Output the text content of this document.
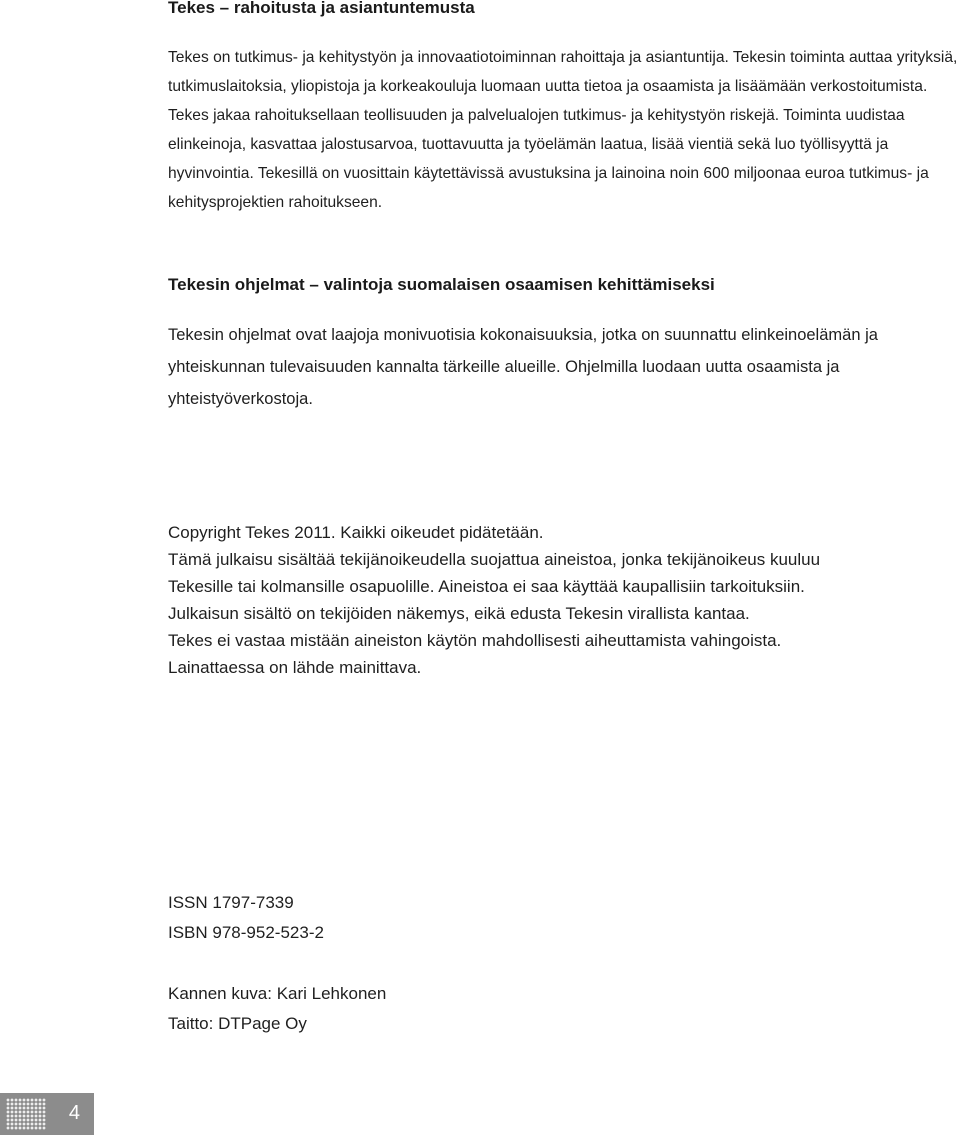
Tekes – rahoitusta ja asiantuntemusta

Tekes on tutkimus- ja kehitystyön ja innovaatiotoiminnan rahoittaja ja asiantuntija. Tekesin toiminta auttaa yrityksiä, tutkimuslaitoksia, yliopistoja ja korkeakouluja luomaan uutta tietoa ja osaamista ja lisäämään verkostoitumista. Tekes jakaa rahoituksellaan teollisuuden ja palvelualojen tutkimus- ja kehitystyön riskejä. Toiminta uudistaa elinkeinoja, kasvattaa jalostusarvoa, tuottavuutta ja työelämän laatua, lisää vientiä sekä luo työllisyyttä ja hyvinvointia. Tekesillä on vuosittain käytettävissä avustuksina ja lainoina noin 600 miljoonaa euroa tutkimus- ja kehitysprojektien rahoitukseen.

Tekesin ohjelmat – valintoja suomalaisen osaamisen kehittämiseksi

Tekesin ohjelmat ovat laajoja monivuotisia kokonaisuuksia, jotka on suunnattu elinkeinoelämän ja yhteiskunnan tulevaisuuden kannalta tärkeille alueille. Ohjelmilla luodaan uutta osaamista ja yhteistyöverkostoja.

Copyright Tekes 2011. Kaikki oikeudet pidätetään.

Tämä julkaisu sisältää tekijänoikeudella suojattua aineistoa, jonka tekijänoikeus kuuluu

Tekesille tai kolmansille osapuolille. Aineistoa ei saa käyttää kaupallisiin tarkoituksiin.

Julkaisun sisältö on tekijöiden näkemys, eikä edusta Tekesin virallista kantaa.

Tekes ei vastaa mistään aineiston käytön mahdollisesti aiheuttamista vahingoista.

Lainattaessa on lähde mainittava.

ISSN 1797-7339

ISBN 978-952-523-2

Kannen kuva: Kari Lehkonen

Taitto: DTPage Oy

4
